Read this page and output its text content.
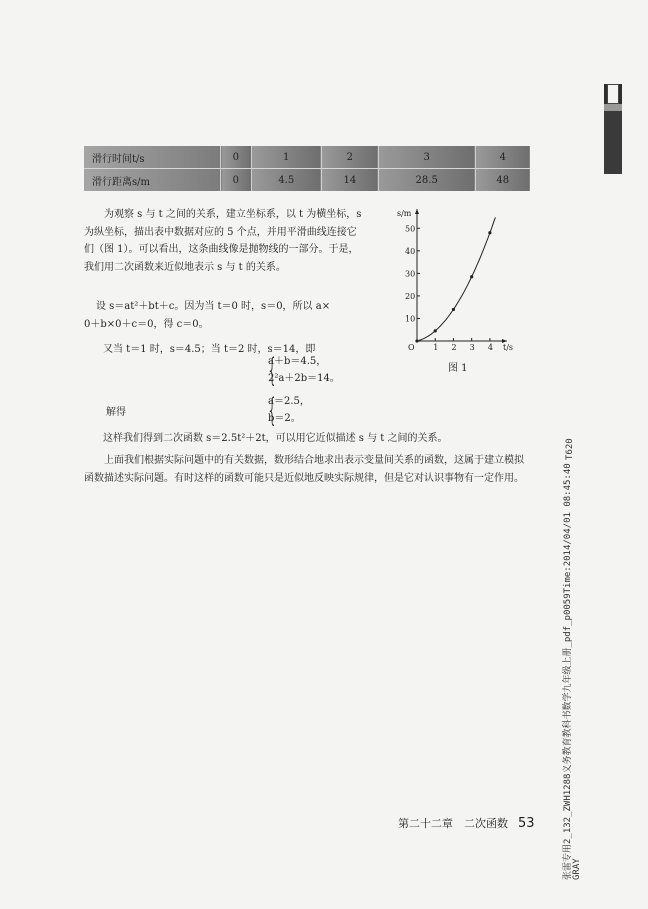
滑行时间t/s	0	1	2	3	4
滑行距离s/m	0	4.5	14	28.5	48
为观察 s 与 t 之间的关系，建立坐标系，以 t 为横坐标，s 为纵坐标，描出表中数据对应的 5 个点，并用平滑曲线连接它们（图 1）。可以看出，这条曲线像是抛物线的一部分。于是，我们用二次函数来近似地表示 s 与 t 的关系。
设 s＝at²＋bt＋c。因为当 t＝0 时，s＝0，所以 a×
0＋b×0＋c＝0，得 c＝0。
又当 t＝1 时，s＝4.5；当 t＝2 时，s＝14，即
{
a＋b＝4.5，
2²a＋2b＝14。
解得	{
a＝2.5，
b＝2。
这样我们得到二次函数 s＝2.5t²＋2t，可以用它近似描述 s 与 t 之间的关系。
上面我们根据实际问题中的有关数据，数形结合地求出表示变量间关系的函数，这属于建立模拟函数描述实际问题。有时这样的函数可能只是近似地反映实际规律，但是它对认识事物有一定作用。
1 2 3 4
10
20
30
40
50
s/m
t/s
O
图 1
第二十二章　二次函数 53	张雷专用2_132_ZWH1288义务教育教科书数学九年级上册_pdf_p0059Time:2014/04/01 08:45:40 GRAY
T620
